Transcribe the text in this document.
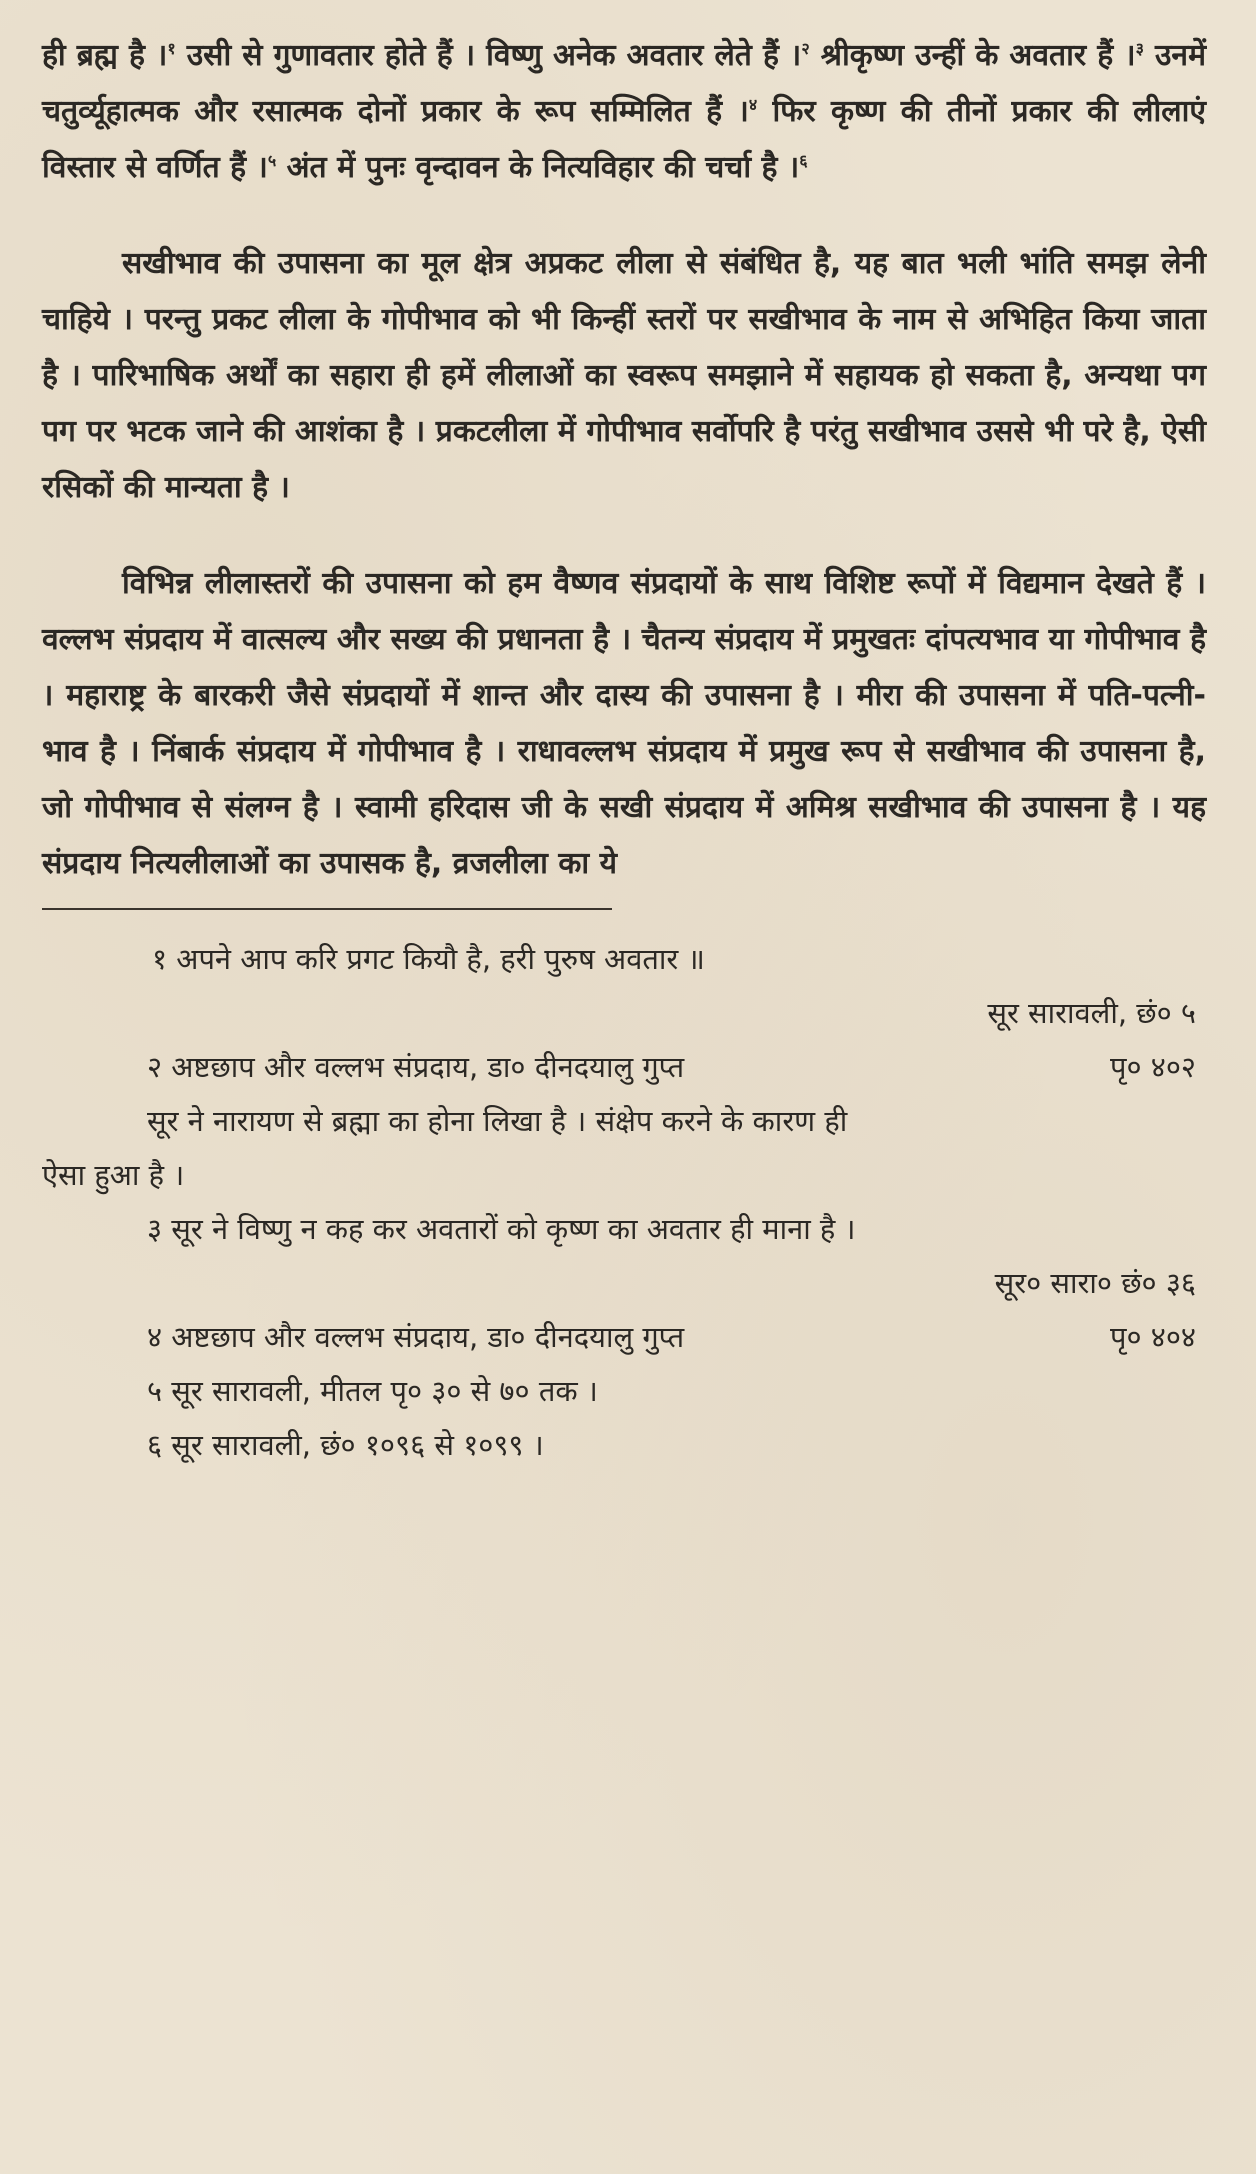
ही ब्रह्म है ।$^१$ उसी से गुणावतार होते हैं । विष्णु अनेक अवतार लेते हैं ।$^२$ श्रीकृष्ण उन्हीं के अवतार हैं ।$^३$ उनमें चतुर्व्यूहात्मक और रसात्मक दोनों प्रकार के रूप सम्मिलित हैं ।$^४$ फिर कृष्ण की तीनों प्रकार की लीलाएं विस्तार से वर्णित हैं ।$^५$ अंत में पुनः वृन्दावन के नित्यविहार की चर्चा है ।$^६$

सखीभाव की उपासना का मूल क्षेत्र अप्रकट लीला से संबंधित है, यह बात भली भांति समझ लेनी चाहिये । परन्तु प्रकट लीला के गोपीभाव को भी किन्हीं स्तरों पर सखीभाव के नाम से अभिहित किया जाता है । पारिभाषिक अर्थों का सहारा ही हमें लीलाओं का स्वरूप समझाने में सहायक हो सकता है, अन्यथा पग पग पर भटक जाने की आशंका है । प्रकटलीला में गोपीभाव सर्वोपरि है परंतु सखीभाव उससे भी परे है, ऐसी रसिकों की मान्यता है ।

विभिन्न लीलास्तरों की उपासना को हम वैष्णव संप्रदायों के साथ विशिष्ट रूपों में विद्यमान देखते हैं । वल्लभ संप्रदाय में वात्सल्य और सख्य की प्रधानता है । चैतन्य संप्रदाय में प्रमुखतः दांपत्यभाव या गोपीभाव है । महाराष्ट्र के बारकरी जैसे संप्रदायों में शान्त और दास्य की उपासना है । मीरा की उपासना में पति-पत्नी-भाव है । निंबार्क संप्रदाय में गोपीभाव है । राधावल्लभ संप्रदाय में प्रमुख रूप से सखीभाव की उपासना है, जो गोपीभाव से संलग्न है । स्वामी हरिदास जी के सखी संप्रदाय में अमिश्र सखीभाव की उपासना है । यह संप्रदाय नित्यलीलाओं का उपासक है, व्रजलीला का ये

१ अपने आप करि प्रगट कियौ है, हरी पुरुष अवतार ॥

सूर सारावली, छं० ५

२ अष्टछाप और वल्लभ संप्रदाय, डा० दीनदयालु गुप्त	पृ० ४०२

सूर ने नारायण से ब्रह्मा का होना लिखा है । संक्षेप करने के कारण ही

ऐसा हुआ है ।

३ सूर ने विष्णु न कह कर अवतारों को कृष्ण का अवतार ही माना है ।

सूर० सारा० छं० ३६

४ अष्टछाप और वल्लभ संप्रदाय, डा० दीनदयालु गुप्त	पृ० ४०४

५ सूर सारावली, मीतल पृ० ३० से ७० तक ।

६ सूर सारावली, छं० १०९६ से १०९९ ।
